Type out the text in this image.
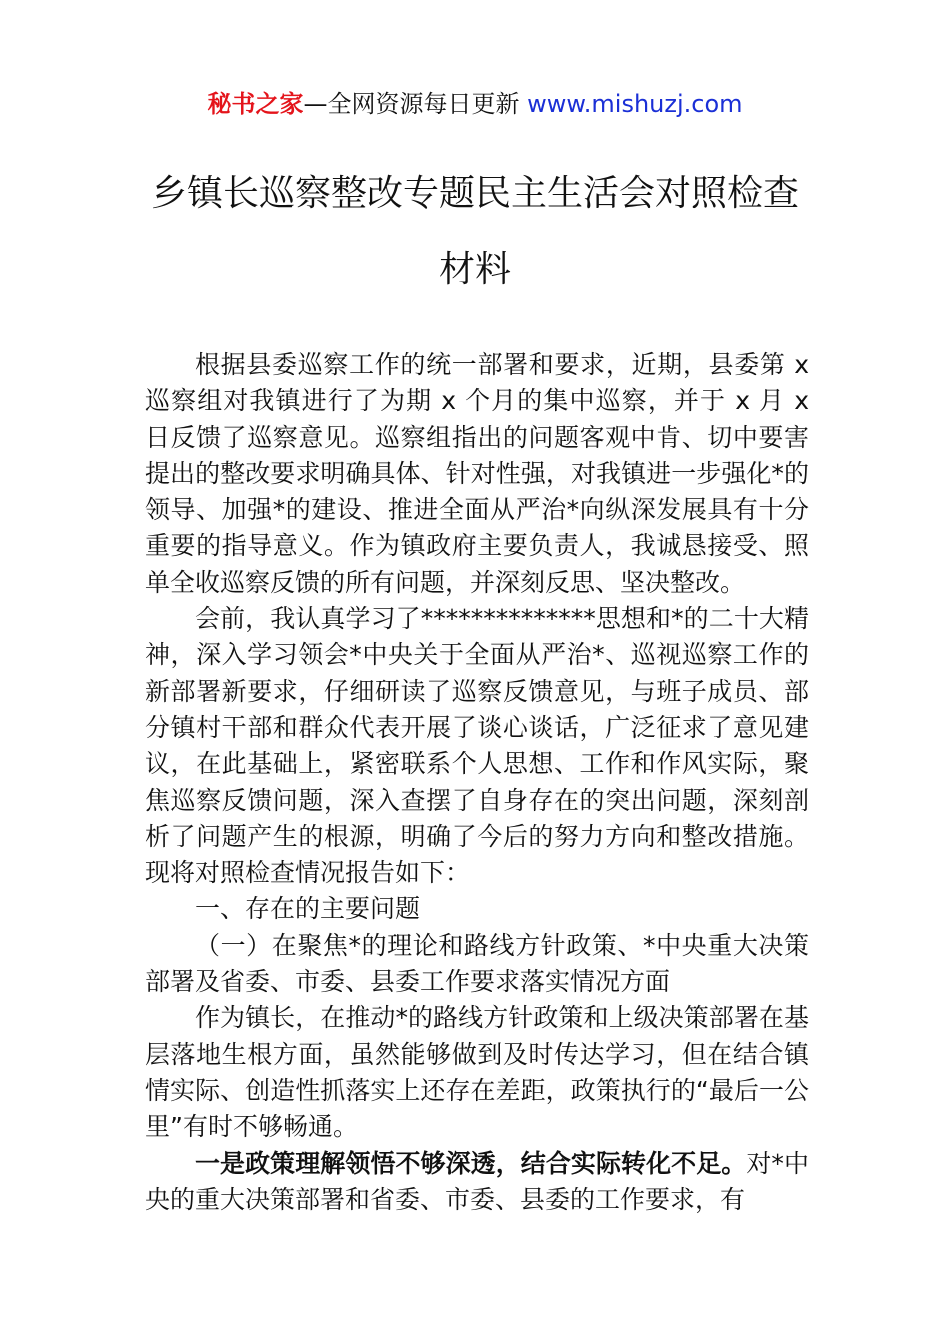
秘书之家—全网资源每日更新 www.mishuzj.com
乡镇长巡察整改专题民主生活会对照检查
材料

根据县委巡察工作的统一部署和要求，近期，县委第 x 巡察组对我镇进行了为期 x 个月的集中巡察，并于 x 月 x 日反馈了巡察意见。巡察组指出的问题客观中肯、切中要害提出的整改要求明确具体、针对性强，对我镇进一步强化*的领导、加强*的建设、推进全面从严治*向纵深发展具有十分重要的指导意义。作为镇政府主要负责人，我诚恳接受、照单全收巡察反馈的所有问题，并深刻反思、坚决整改。

会前，我认真学习了**************思想和*的二十大精神，深入学习领会*中央关于全面从严治*、巡视巡察工作的新部署新要求，仔细研读了巡察反馈意见，与班子成员、部分镇村干部和群众代表开展了谈心谈话，广泛征求了意见建议，在此基础上，紧密联系个人思想、工作和作风实际，聚焦巡察反馈问题，深入查摆了自身存在的突出问题，深刻剖析了问题产生的根源，明确了今后的努力方向和整改措施。现将对照检查情况报告如下：

一、存在的主要问题

（一）在聚焦*的理论和路线方针政策、*中央重大决策部署及省委、市委、县委工作要求落实情况方面

作为镇长，在推动*的路线方针政策和上级决策部署在基层落地生根方面，虽然能够做到及时传达学习，但在结合镇情实际、创造性抓落实上还存在差距，政策执行的“最后一公里”有时不够畅通。

一是政策理解领悟不够深透，结合实际转化不足。对*中央的重大决策部署和省委、市委、县委的工作要求，有
